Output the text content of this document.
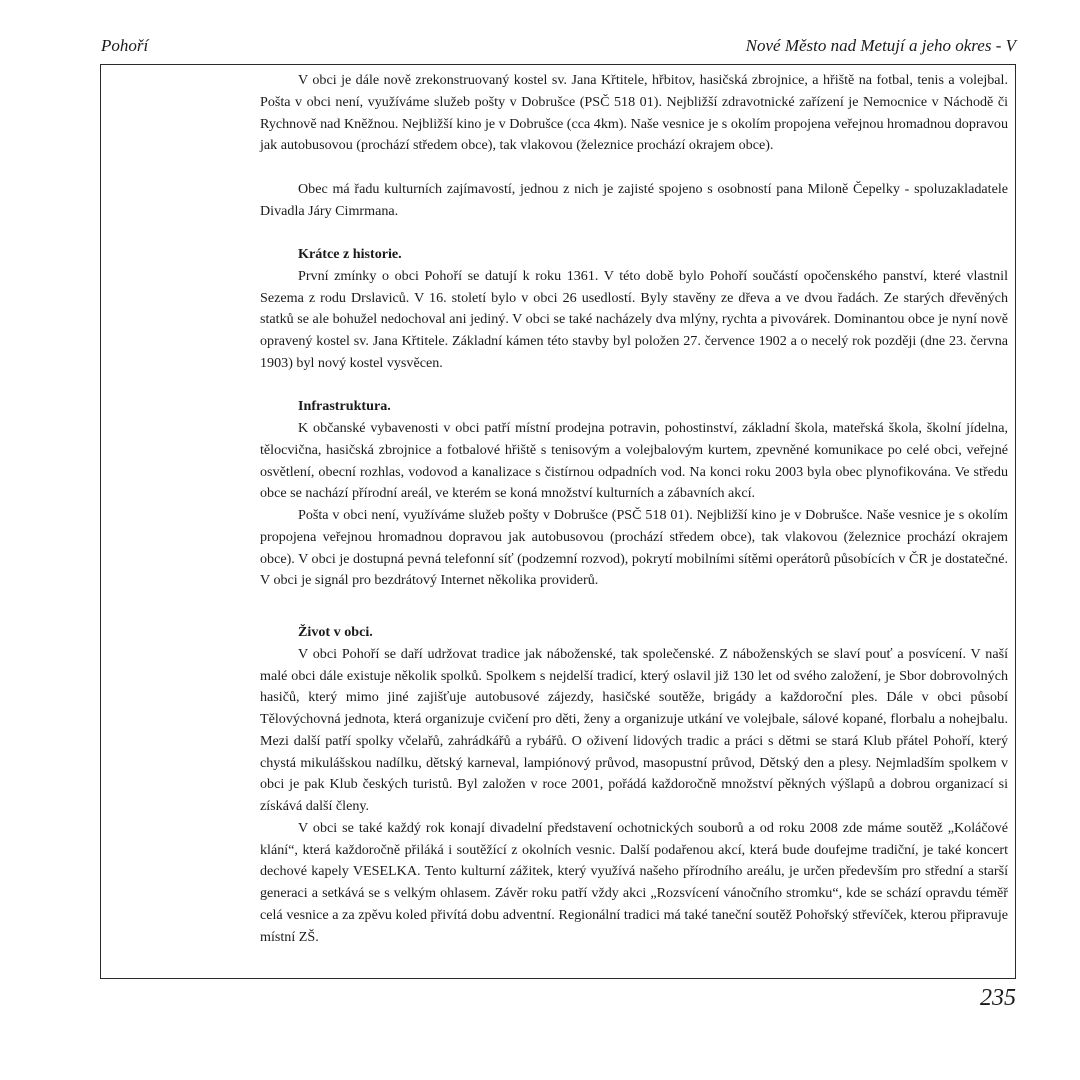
Pohoří	Nové Město nad Metují a jeho okres - V

V obci je dále nově zrekonstruovaný kostel sv. Jana Křtitele, hřbitov, hasičská zbrojnice, a hřiště na fotbal, tenis a volejbal. Pošta v obci není, využíváme služeb pošty v Dobrušce (PSČ 518 01). Nejbližší zdravotnické zařízení je Nemocnice v Náchodě či Rychnově nad Kněžnou. Nejbližší kino je v Dobrušce (cca 4km). Naše vesnice je s okolím propojena veřejnou hromadnou dopravou jak autobusovou (prochází středem obce), tak vlakovou (železnice prochází okrajem obce).

Obec má řadu kulturních zajímavostí, jednou z nich je zajisté spojeno s osobností pana Miloně Čepelky - spoluzakladatele Divadla Járy Cimrmana.

Krátce z historie.

První zmínky o obci Pohoří se datují k roku 1361. V této době bylo Pohoří součástí opočenského panství, které vlastnil Sezema z rodu Drslaviců. V 16. století bylo v obci 26 usedlostí. Byly stavěny ze dřeva a ve dvou řadách. Ze starých dřevěných statků se ale bohužel nedochoval ani jediný. V obci se také nacházely dva mlýny, rychta a pivovárek. Dominantou obce je nyní nově opravený kostel sv. Jana Křtitele. Základní kámen této stavby byl položen 27. července 1902 a o necelý rok později (dne 23. června 1903) byl nový kostel vysvěcen.

Infrastruktura.

K občanské vybavenosti v obci patří místní prodejna potravin, pohostinství, základní škola, mateřská škola, školní jídelna, tělocvična, hasičská zbrojnice a fotbalové hřiště s tenisovým a volejbalovým kurtem, zpevněné komunikace po celé obci, veřejné osvětlení, obecní rozhlas, vodovod a kanalizace s čistírnou odpadních vod. Na konci roku 2003 byla obec plynofikována. Ve středu obce se nachází přírodní areál, ve kterém se koná množství kulturních a zábavních akcí.

Pošta v obci není, využíváme služeb pošty v Dobrušce (PSČ 518 01). Nejbližší kino je v Dobrušce. Naše vesnice je s okolím propojena veřejnou hromadnou dopravou jak autobusovou (prochází středem obce), tak vlakovou (železnice prochází okrajem obce). V obci je dostupná pevná telefonní síť (podzemní rozvod), pokrytí mobilními sítěmi operátorů působících v ČR je dostatečné. V obci je signál pro bezdrátový Internet několika providerů.

Život v obci.

V obci Pohoří se daří udržovat tradice jak náboženské, tak společenské. Z náboženských se slaví pouť a posvícení. V naší malé obci dále existuje několik spolků. Spolkem s nejdelší tradicí, který oslavil již 130 let od svého založení, je Sbor dobrovolných hasičů, který mimo jiné zajišťuje autobusové zájezdy, hasičské soutěže, brigády a každoroční ples. Dále v obci působí Tělovýchovná jednota, která organizuje cvičení pro děti, ženy a organizuje utkání ve volejbale, sálové kopané, florbalu a nohejbalu. Mezi další patří spolky včelařů, zahrádkářů a rybářů. O oživení lidových tradic a práci s dětmi se stará Klub přátel Pohoří, který chystá mikulášskou nadílku, dětský karneval, lampiónový průvod, masopustní průvod, Dětský den a plesy. Nejmladším spolkem v obci je pak Klub českých turistů. Byl založen v roce 2001, pořádá každoročně množství pěkných výšlapů a dobrou organizací si získává další členy.

V obci se také každý rok konají divadelní představení ochotnických souborů a od roku 2008 zde máme soutěž „Koláčové klání“, která každoročně přiláká i soutěžící z okolních vesnic. Další podařenou akcí, která bude doufejme tradiční, je také koncert dechové kapely VESELKA. Tento kulturní zážitek, který využívá našeho přírodního areálu, je určen především pro střední a starší generaci a setkává se s velkým ohlasem. Závěr roku patří vždy akci „Rozsvícení vánočního stromku“, kde se schází opravdu téměř celá vesnice a za zpěvu koled přivítá dobu adventní. Regionální tradici má také taneční soutěž Pohořský střevíček, kterou připravuje místní ZŠ.

235
